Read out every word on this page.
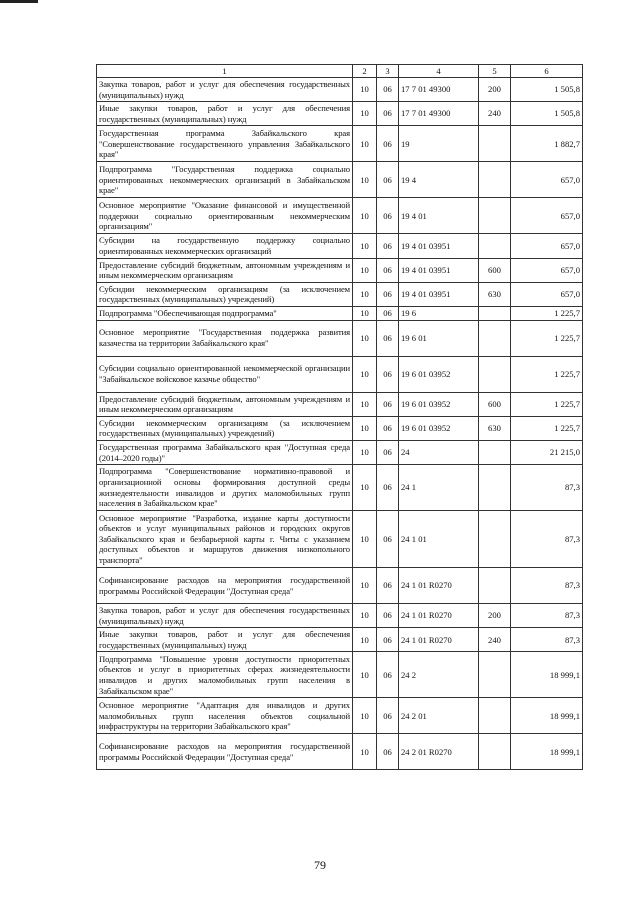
1	2	3	4	5	6
Закупка товаров, работ и услуг для обеспечения государственных (муниципальных) нужд	10	06	17 7 01 49300	200	1 505,8
Иные закупки товаров, работ и услуг для обеспечения государственных (муниципальных) нужд	10	06	17 7 01 49300	240	1 505,8
Государственная программа Забайкальского края "Совершенствование государственного управления Забайкальского края"	10	06	19		1 882,7
Подпрограмма "Государственная поддержка социально ориентированных некоммерческих организаций в Забайкальском крае"	10	06	19 4		657,0
Основное мероприятие "Оказание финансовой и имущественной поддержки социально ориентированным некоммерческим организациям"	10	06	19 4 01		657,0
Субсидии на государственную поддержку социально ориентированных некоммерческих организаций	10	06	19 4 01 03951		657,0
Предоставление субсидий бюджетным, автономным учреждениям и иным некоммерческим организациям	10	06	19 4 01 03951	600	657,0
Субсидии некоммерческим организациям (за исключением государственных (муниципальных) учреждений)	10	06	19 4 01 03951	630	657,0
Подпрограмма "Обеспечивающая подпрограмма"	10	06	19 6		1 225,7
Основное мероприятие "Государственная поддержка развития казачества на территории Забайкальского края"	10	06	19 6 01		1 225,7
Субсидии социально ориентированной некоммерческой организации "Забайкальское войсковое казачье общество"	10	06	19 6 01 03952		1 225,7
Предоставление субсидий бюджетным, автономным учреждениям и иным некоммерческим организациям	10	06	19 6 01 03952	600	1 225,7
Субсидии некоммерческим организациям (за исключением государственных (муниципальных) учреждений)	10	06	19 6 01 03952	630	1 225,7
Государственная программа Забайкальского края "Доступная среда (2014–2020 годы)"	10	06	24		21 215,0
Подпрограмма "Совершенствование нормативно-правовой и организационной основы формирования доступной среды жизнедеятельности инвалидов и других маломобильных групп населения в Забайкальском крае"	10	06	24 1		87,3
Основное мероприятие "Разработка, издание карты доступности объектов и услуг муниципальных районов и городских округов Забайкальского края и безбарьерной карты г. Читы с указанием доступных объектов и маршрутов движения низкопольного транспорта"	10	06	24 1 01		87,3
Софинансирование расходов на мероприятия государственной программы Российской Федерации "Доступная среда"	10	06	24 1 01 R0270		87,3
Закупка товаров, работ и услуг для обеспечения государственных (муниципальных) нужд	10	06	24 1 01 R0270	200	87,3
Иные закупки товаров, работ и услуг для обеспечения государственных (муниципальных) нужд	10	06	24 1 01 R0270	240	87,3
Подпрограмма "Повышение уровня доступности приоритетных объектов и услуг в приоритетных сферах жизнедеятельности инвалидов и других маломобильных групп населения в Забайкальском крае"	10	06	24 2		18 999,1
Основное мероприятие "Адаптация для инвалидов и других маломобильных групп населения объектов социальной инфраструктуры на территории Забайкальского края"	10	06	24 2 01		18 999,1
Софинансирование расходов на мероприятия государственной программы Российской Федерации "Доступная среда"	10	06	24 2 01 R0270		18 999,1
79
